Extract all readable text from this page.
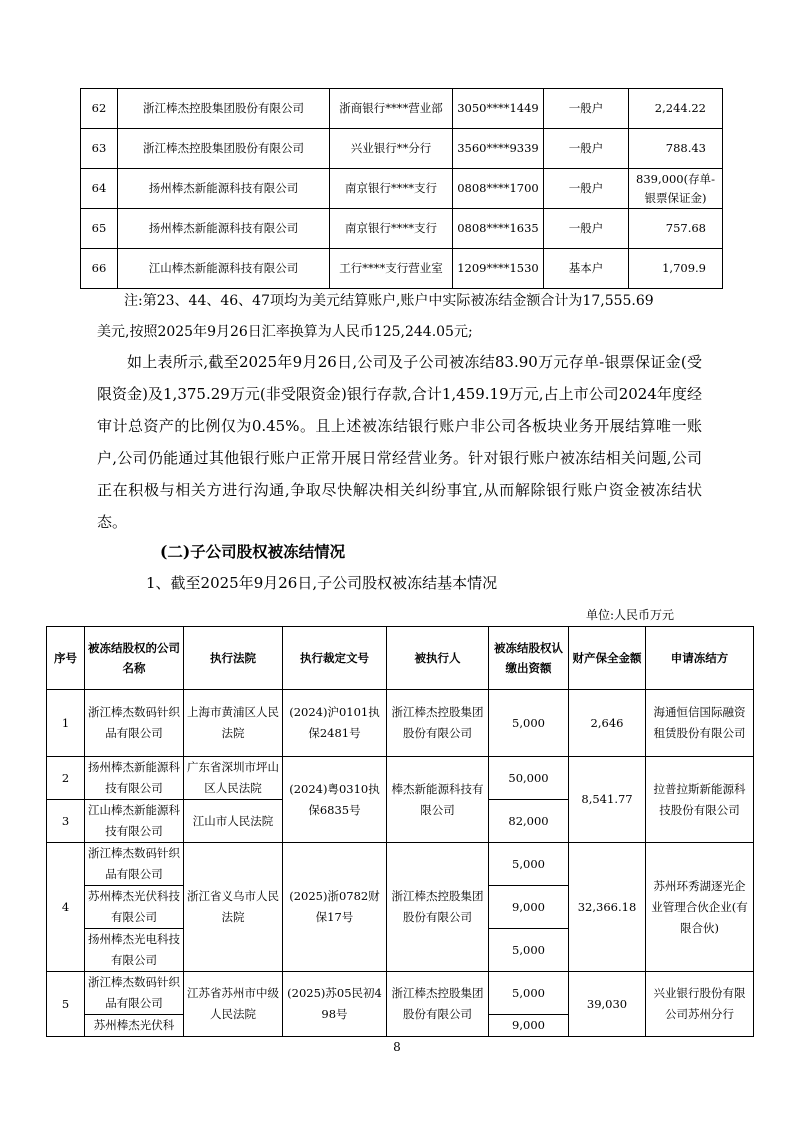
62	浙江棒杰控股集团股份有限公司	浙商银行****营业部	3050****1449	一般户	2,244.22
63	浙江棒杰控股集团股份有限公司	兴业银行**分行	3560****9339	一般户	788.43
64	扬州棒杰新能源科技有限公司	南京银行****支行	0808****1700	一般户	839,000(存单-银票保证金)
65	扬州棒杰新能源科技有限公司	南京银行****支行	0808****1635	一般户	757.68
66	江山棒杰新能源科技有限公司	工行****支行营业室	1209****1530	基本户	1,709.9

注:第23、44、46、47项均为美元结算账户,账户中实际被冻结金额合计为17,555.69

美元,按照2025年9月26日汇率换算为人民币125,244.05元;

如上表所示,截至2025年9月26日,公司及子公司被冻结83.90万元存单-银票保证金(受限资金)及1,375.29万元(非受限资金)银行存款,合计1,459.19万元,占上市公司2024年度经审计总资产的比例仅为0.45%。且上述被冻结银行账户非公司各板块业务开展结算唯一账户,公司仍能通过其他银行账户正常开展日常经营业务。针对银行账户被冻结相关问题,公司正在积极与相关方进行沟通,争取尽快解决相关纠纷事宜,从而解除银行账户资金被冻结状态。

(二)子公司股权被冻结情况

1、截至2025年9月26日,子公司股权被冻结基本情况

单位:人民币万元

序号	被冻结股权的公司名称	执行法院	执行裁定文号	被执行人	被冻结股权认缴出资额	财产保全金额	申请冻结方
1	浙江棒杰数码针织品有限公司	上海市黄浦区人民法院	(2024)沪0101执保2481号	浙江棒杰控股集团股份有限公司	5,000	2,646	海通恒信国际融资租赁股份有限公司
2	扬州棒杰新能源科技有限公司	广东省深圳市坪山区人民法院	(2024)粤0310执保6835号	棒杰新能源科技有限公司	50,000	8,541.77	拉普拉斯新能源科技股份有限公司
3	江山棒杰新能源科技有限公司	江山市人民法院			82,000		
4	浙江棒杰数码针织品有限公司	浙江省义乌市人民法院	(2025)浙0782财保17号	浙江棒杰控股集团股份有限公司	5,000	32,366.18	苏州环秀湖逐光企业管理合伙企业(有限合伙)
	苏州棒杰光伏科技有限公司				9,000		
	扬州棒杰光电科技有限公司				5,000		
5	浙江棒杰数码针织品有限公司	江苏省苏州市中级人民法院	(2025)苏05民初498号	浙江棒杰控股集团股份有限公司	5,000	39,030	兴业银行股份有限公司苏州分行
	苏州棒杰光伏科				9,000		
8
